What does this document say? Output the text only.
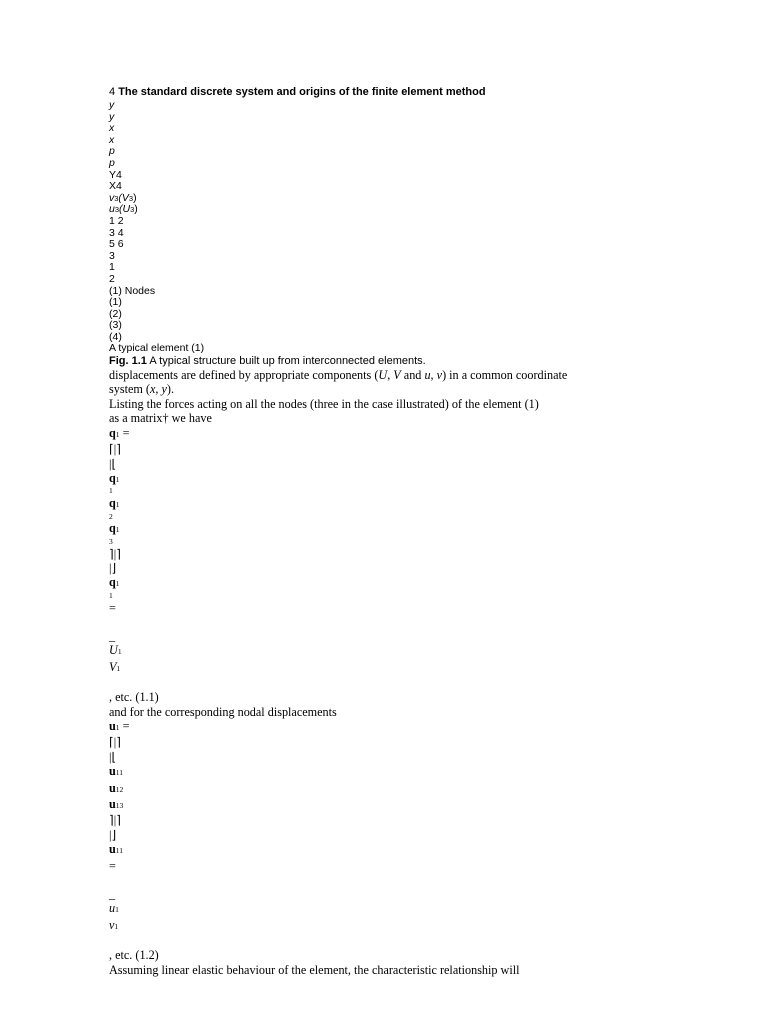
4 The standard discrete system and origins of the finite element method
y
y
x
x
p
p
Y4
X4
v3(V3)
u3(U3)
1 2
3 4
5 6
3
1
2
(1) Nodes
(1)
(2)
(3)
(4)
A typical element (1)
Fig. 1.1 A typical structure built up from interconnected elements.
displacements are defined by appropriate components (U, V and u, v) in a common coordinate
system (x, y).
Listing the forces acting on all the nodes (three in the case illustrated) of the element (1)
as a matrix† we have
q1 =
⌈|⌉
|⌊
q1
1
q1
2
q1
3
⌉|⌉
|⌋
q1
1
=
_
U1
V1
, etc. (1.1)
and for the corresponding nodal displacements
u1 =
⌈|⌉
|⌊
u11
u12
u13
⌉|⌉
|⌋
u11
=
_
u1
v1
, etc. (1.2)
Assuming linear elastic behaviour of the element, the characteristic relationship will
